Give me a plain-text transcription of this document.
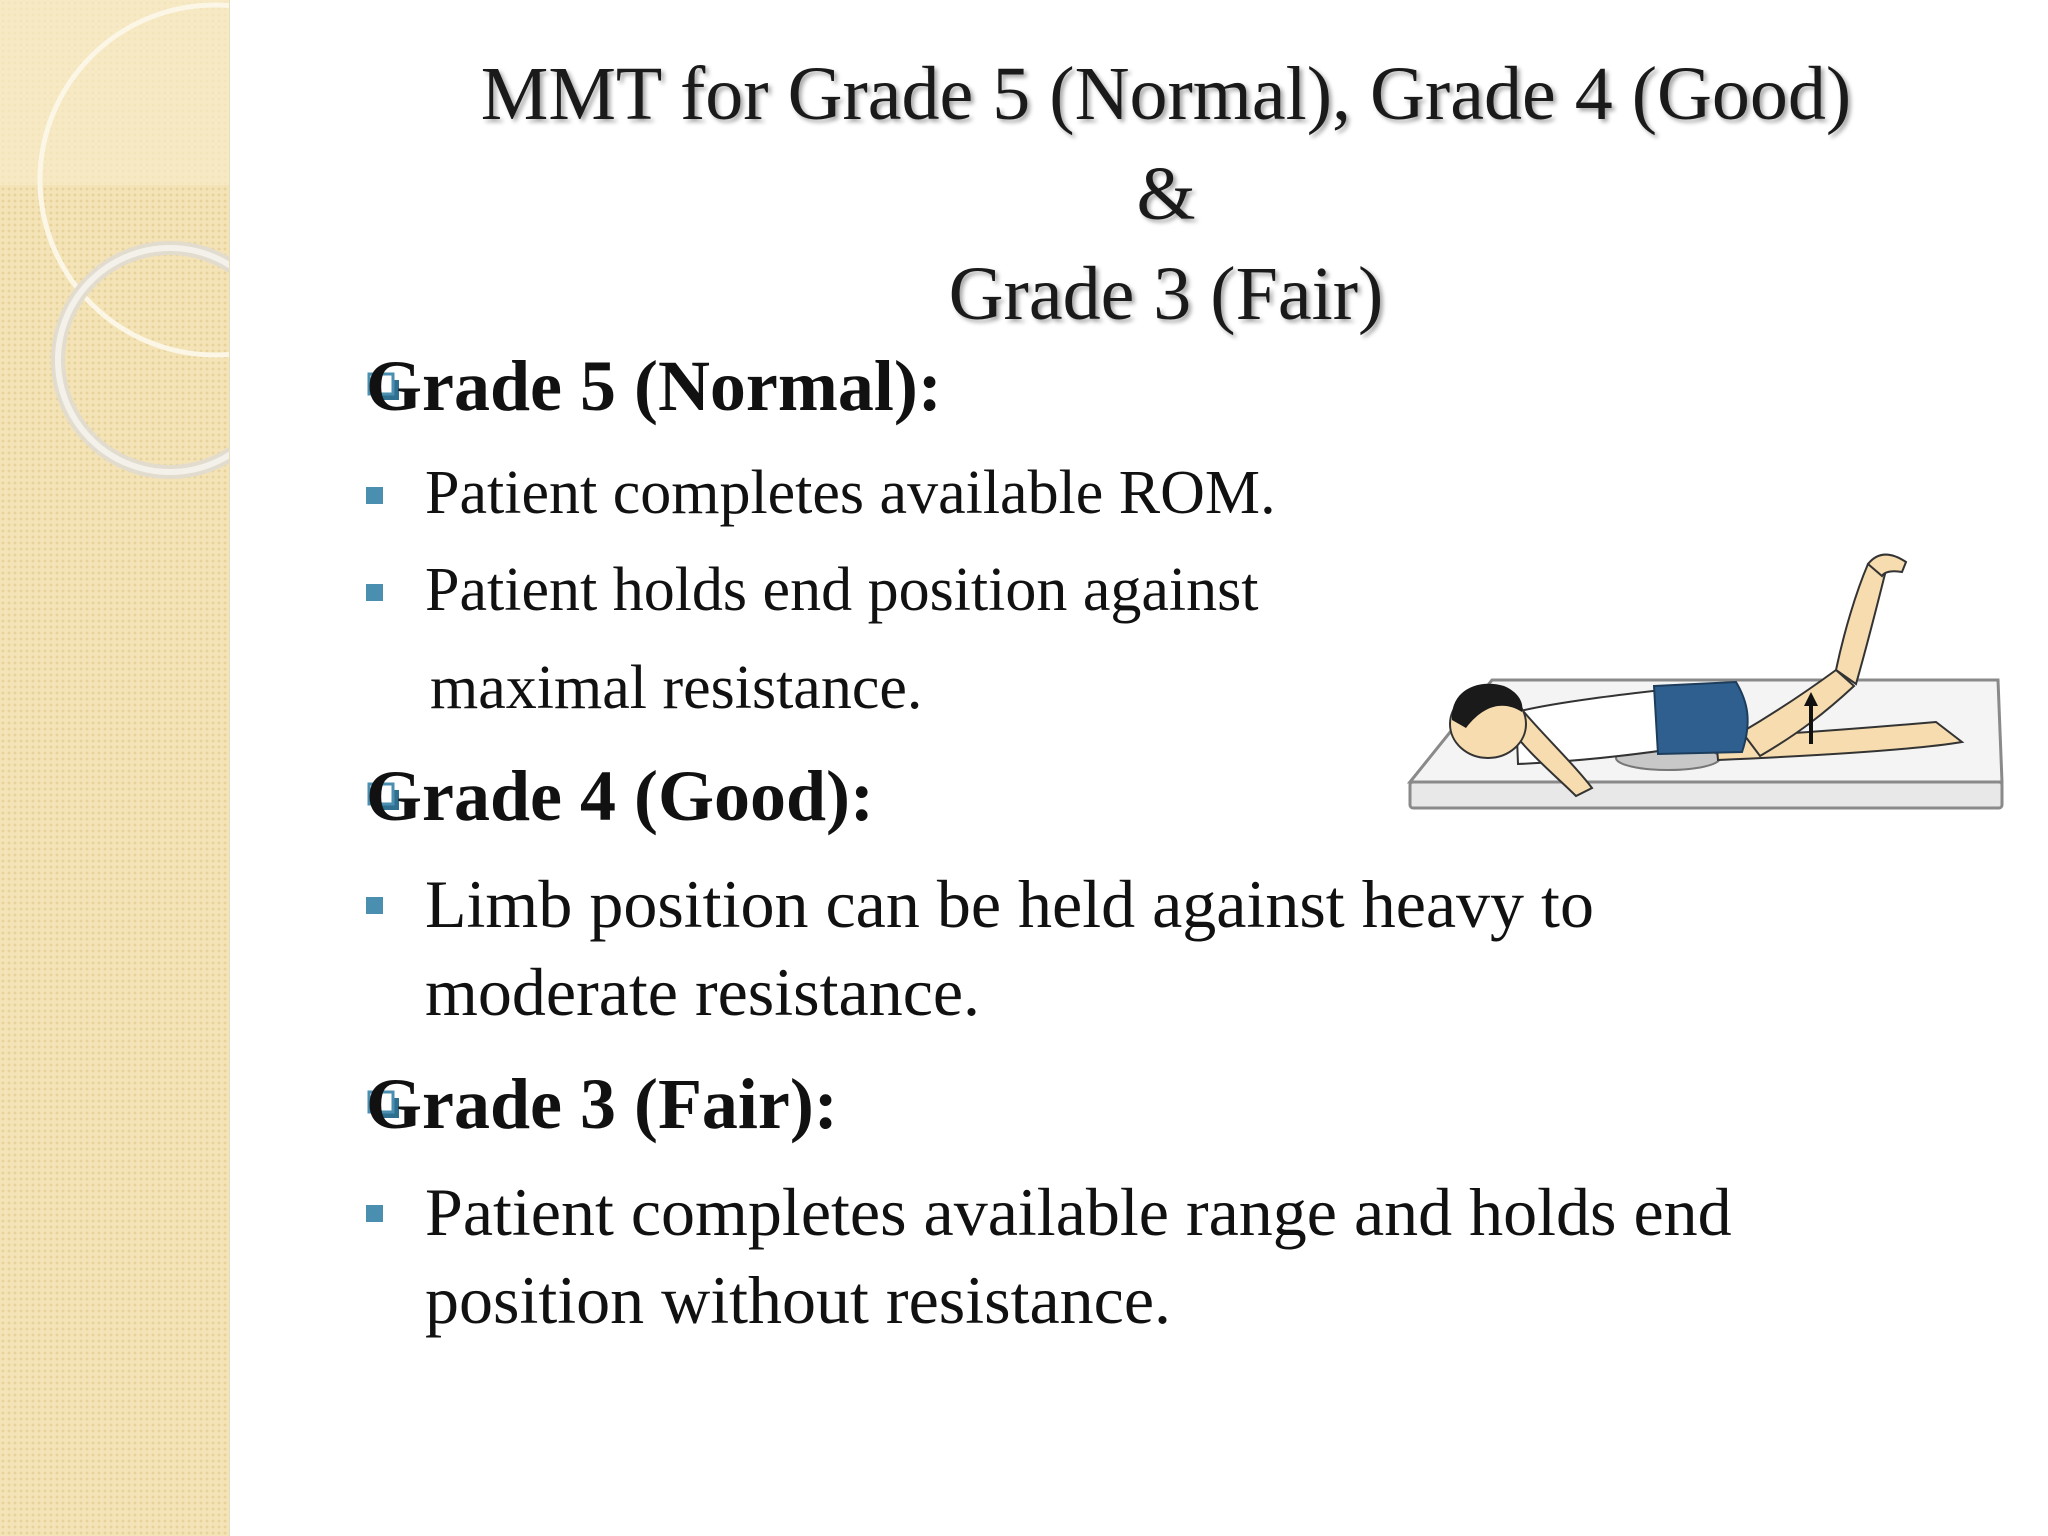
MMT for Grade 5 (Normal), Grade 4 (Good)
&
Grade 3 (Fair)

Grade 5 (Normal):

Patient completes available ROM.

Patient holds end position against

maximal resistance.

Grade 4 (Good):

Limb position can be held against heavy to

moderate resistance.

Grade 3 (Fair):

Patient completes available range and holds end

position without resistance.
